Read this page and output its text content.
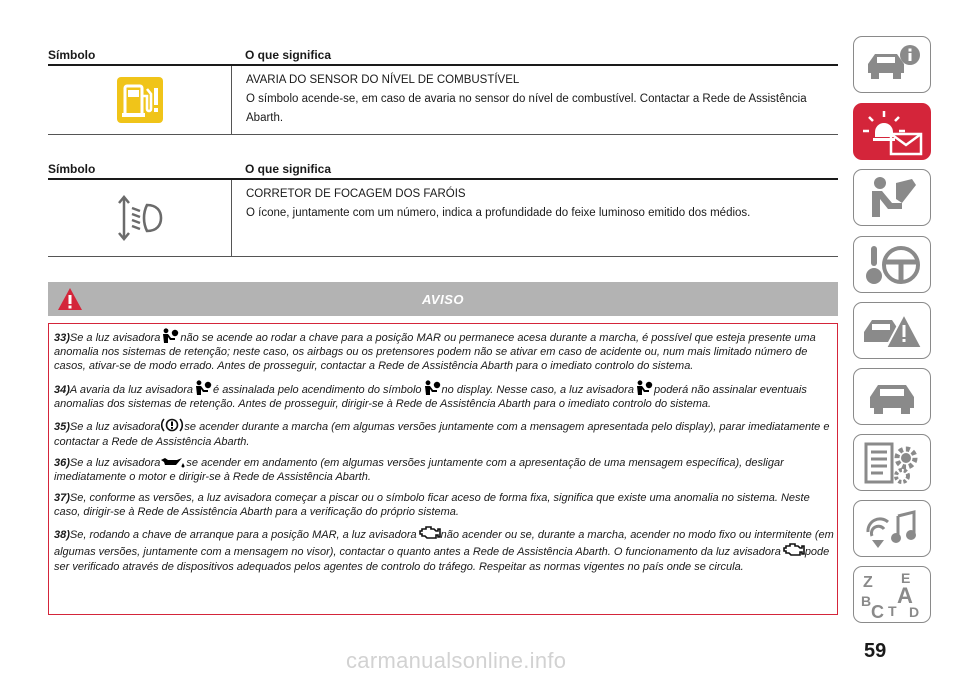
Símbolo	O que significa

AVARIA DO SENSOR DO NÍVEL DE COMBUSTÍVEL

O símbolo acende-se, em caso de avaria no sensor do nível de combustível. Contactar a Rede de Assistência Abarth.

Símbolo	O que significa

CORRETOR DE FOCAGEM DOS FARÓIS

O ícone, juntamente com um número, indica a profundidade do feixe luminoso emitido dos médios.

AVISO

33)Se a luz avisadora não se acende ao rodar a chave para a posição MAR ou permanece acesa durante a marcha, é possível que esteja presente uma anomalia nos sistemas de retenção; neste caso, os airbags ou os pretensores podem não se ativar em caso de acidente ou, num mais limitado número de casos, ativar-se de modo errado. Antes de prosseguir, contactar a Rede de Assistência Abarth para o imediato controlo do sistema.

34)A avaria da luz avisadora é assinalada pelo acendimento do símbolo no display. Nesse caso, a luz avisadora poderá não assinalar eventuais anomalias dos sistemas de retenção. Antes de prosseguir, dirigir-se à Rede de Assistência Abarth para o imediato controlo do sistema.

35)Se a luz avisadora se acender durante a marcha (em algumas versões juntamente com a mensagem apresentada pelo display), parar imediatamente e contactar a Rede de Assistência Abarth.

36)Se a luz avisadora se acender em andamento (em algumas versões juntamente com a apresentação de uma mensagem específica), desligar imediatamente o motor e dirigir-se à Rede de Assistência Abarth.

37)Se, conforme as versões, a luz avisadora começar a piscar ou o símbolo ficar aceso de forma fixa, significa que existe uma anomalia no sistema. Neste caso, dirigir-se à Rede de Assistência Abarth para a verificação do próprio sistema.

38)Se, rodando a chave de arranque para a posição MAR, a luz avisadora não acender ou se, durante a marcha, acender no modo fixo ou intermitente (em algumas versões, juntamente com a mensagem no visor), contactar o quanto antes a Rede de Assistência Abarth. O funcionamento da luz avisadora pode ser verificado através de dispositivos adequados pelos agentes de controlo do tráfego. Respeitar as normas vigentes no país onde se circula.

Z E
A
B
C T D
59
carmanualsonline.info
